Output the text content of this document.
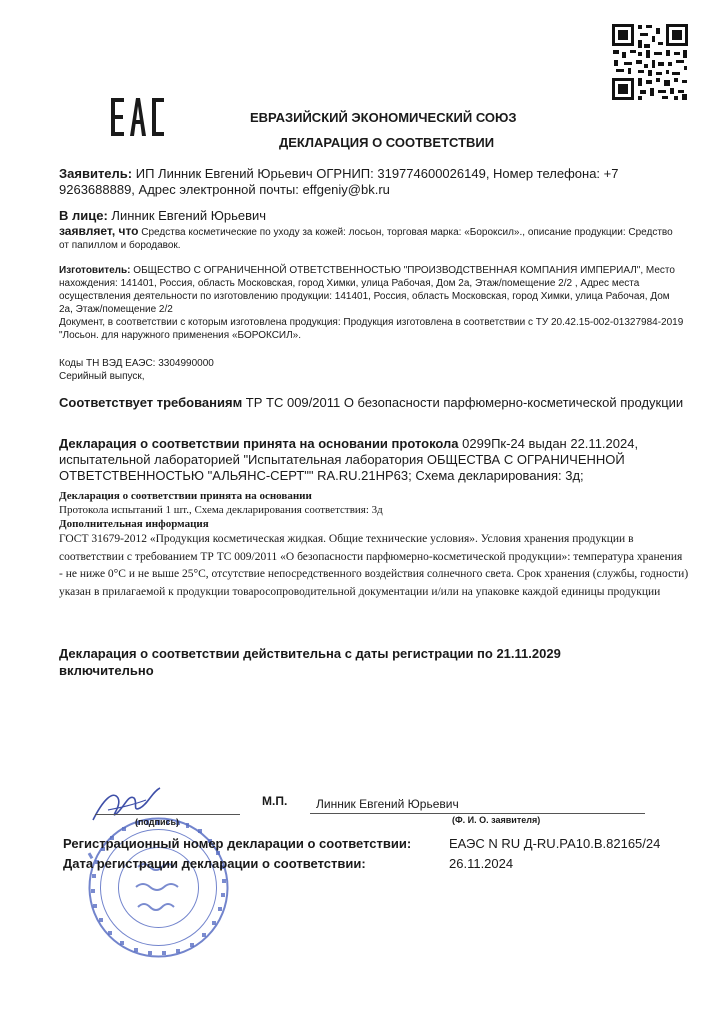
ЕВРАЗИЙСКИЙ ЭКОНОМИЧЕСКИЙ СОЮЗ
ДЕКЛАРАЦИЯ О СООТВЕТСТВИИ
Заявитель: ИП Линник Евгений Юрьевич ОГРНИП: 319774600026149, Номер телефона: +7 9263688889, Адрес электронной почты: effgeniy@bk.ru
В лице: Линник Евгений Юрьевич
заявляет, что Средства косметические по уходу за кожей: лосьон, торговая марка: «Бороксил»., описание продукции: Средство от папиллом и бородавок.
Изготовитель: ОБЩЕСТВО С ОГРАНИЧЕННОЙ ОТВЕТСТВЕННОСТЬЮ "ПРОИЗВОДСТВЕННАЯ КОМПАНИЯ ИМПЕРИАЛ", Место нахождения: 141401, Россия, область Московская, город Химки, улица Рабочая, Дом 2а, Этаж/помещение 2/2 , Адрес места осуществления деятельности по изготовлению продукции: 141401, Россия, область Московская, город Химки, улица Рабочая, Дом 2а, Этаж/помещение 2/2
Документ, в соответствии с которым изготовлена продукция: Продукция изготовлена в соответствии с ТУ 20.42.15-002-01327984-2019 "Лосьон. для наружного применения «БОРОКСИЛ».
Коды ТН ВЭД ЕАЭС: 3304990000
Серийный выпуск,
Соответствует требованиям ТР ТС 009/2011 О безопасности парфюмерно-косметической продукции
Декларация о соответствии принята на основании протокола 0299Пк-24 выдан 22.11.2024, испытательной лабораторией "Испытательная лаборатория ОБЩЕСТВА С ОГРАНИЧЕННОЙ ОТВЕТСТВЕННОСТЬЮ "АЛЬЯНС-СЕРТ"" RA.RU.21НР63; Схема декларирования: 3д;
Декларация о соответствии принята на основании
Протокола испытаний 1 шт., Схема декларирования соответствия: 3д
Дополнительная информация
ГОСТ 31679-2012 «Продукция косметическая жидкая. Общие технические условия». Условия хранения продукции в соответствии с требованием ТР ТС 009/2011 «О безопасности парфюмерно-косметической продукции»: температура хранения - не ниже 0°С и не выше 25°С, отсутствие непосредственного воздействия солнечного света. Срок хранения (службы, годности) указан в прилагаемой к продукции товаросопроводительной документации и/или на упаковке каждой единицы продукции
Декларация о соответствии действительна с даты регистрации по 21.11.2029 включительно
М.П. Линник Евгений Юрьевич
(подпись)	(Ф. И. О. заявителя)
Регистрационный номер декларации о соответствии:	ЕАЭС N RU Д-RU.РА10.В.82165/24
Дата регистрации декларации о соответствии:	26.11.2024
